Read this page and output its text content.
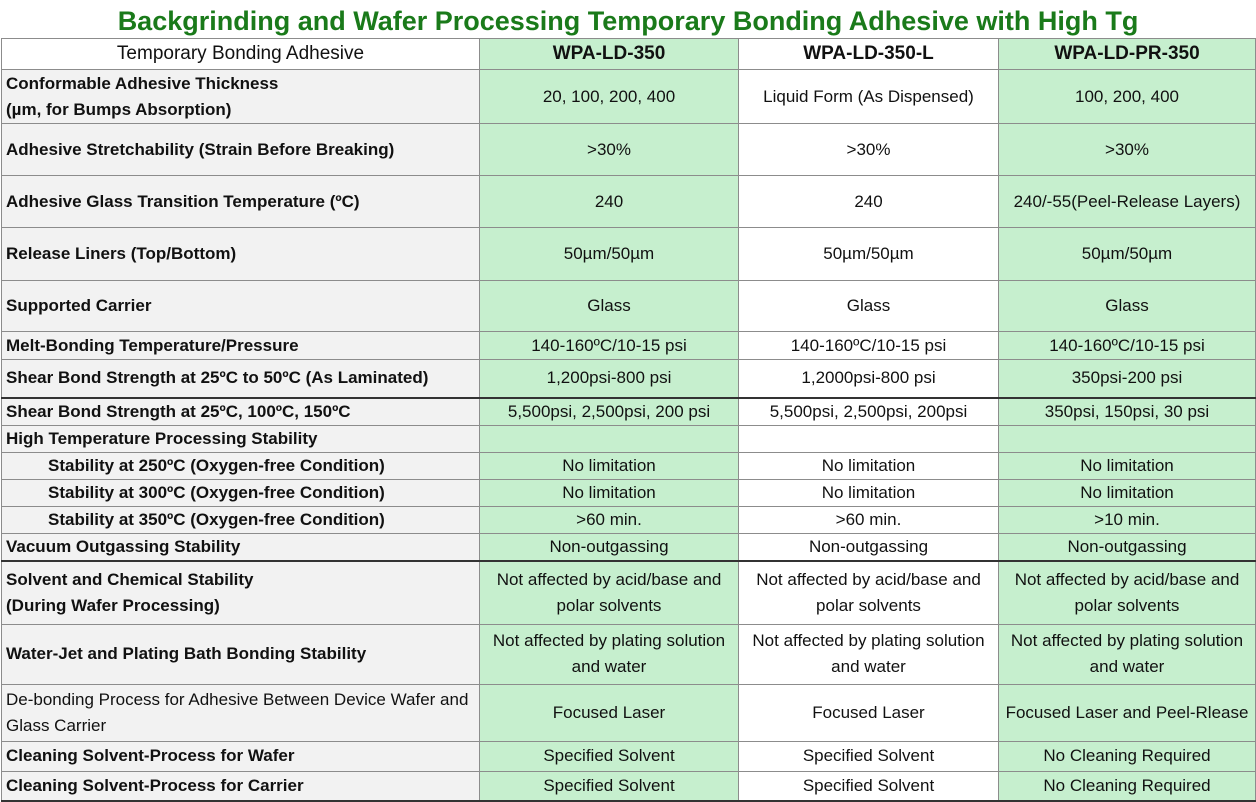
Backgrinding and Wafer Processing Temporary Bonding Adhesive with High Tg
Temporary Bonding Adhesive	WPA-LD-350	WPA-LD-350-L	WPA-LD-PR-350

Conformable Adhesive Thickness
(µm, for Bumps Absorption)	20, 100, 200, 400	Liquid Form (As Dispensed)	100, 200, 400
Adhesive Stretchability (Strain Before Breaking)	>30%	>30%	>30%
Adhesive Glass Transition Temperature (ºC)	240	240	240/-55(Peel-Release Layers)
Release Liners (Top/Bottom)	50µm/50µm	50µm/50µm	50µm/50µm
Supported Carrier	Glass	Glass	Glass
Melt-Bonding Temperature/Pressure	140-160ºC/10-15 psi	140-160ºC/10-15 psi	140-160ºC/10-15 psi
Shear Bond Strength at 25ºC to 50ºC (As Laminated)	1,200psi-800 psi	1,2000psi-800 psi	350psi-200 psi
Shear Bond Strength at 25ºC, 100ºC, 150ºC	5,500psi, 2,500psi, 200 psi	5,500psi, 2,500psi, 200psi	350psi, 150psi, 30 psi
High Temperature Processing Stability			
Stability at 250ºC (Oxygen-free Condition)	No limitation	No limitation	No limitation
Stability at 300ºC (Oxygen-free Condition)	No limitation	No limitation	No limitation
Stability at 350ºC (Oxygen-free Condition)	>60 min.	>60 min.	>10 min.
Vacuum Outgassing Stability	Non-outgassing	Non-outgassing	Non-outgassing

Solvent and Chemical Stability
(During Wafer Processing)	Not affected by acid/base and polar solvents	Not affected by acid/base and polar solvents	Not affected by acid/base and polar solvents
Water-Jet and Plating Bath Bonding Stability	Not affected by plating solution and water	Not affected by plating solution and water	Not affected by plating solution and water
De-bonding Process for Adhesive Between Device Wafer and Glass Carrier	Focused Laser	Focused Laser	Focused Laser and Peel-Rlease
Cleaning Solvent-Process for Wafer	Specified Solvent	Specified Solvent	No Cleaning Required
Cleaning Solvent-Process for Carrier	Specified Solvent	Specified Solvent	No Cleaning Required
